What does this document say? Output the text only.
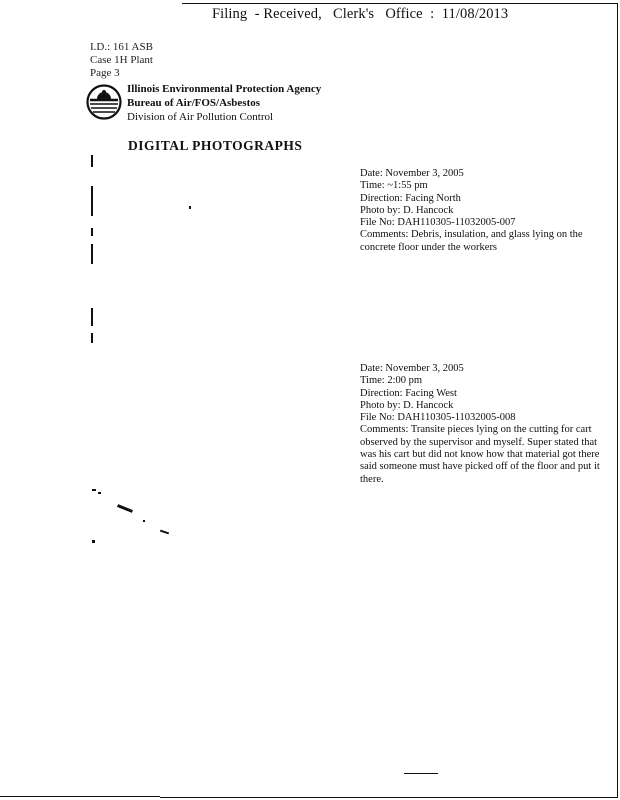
Filing  - Received,   Clerk's   Office  :  11/08/2013
I.D.: 161 ASB
Case 1H Plant
Page 3
Illinois Environmental Protection Agency
Bureau of Air/FOS/Asbestos
Division of Air Pollution Control
DIGITAL PHOTOGRAPHS
Date: November 3, 2005
Time: ~1:55 pm
Direction: Facing North
Photo by: D. Hancock
File No: DAH110305-11032005-007
Comments: Debris, insulation, and glass lying on the concrete floor under the workers
Date: November 3, 2005
Time: 2:00 pm
Direction: Facing West
Photo by: D. Hancock
File No: DAH110305-11032005-008
Comments: Transite pieces lying on the cutting for cart observed by the supervisor and myself. Super stated that was his cart but did not know how that material got there said someone must have picked off of the floor and put it there.
